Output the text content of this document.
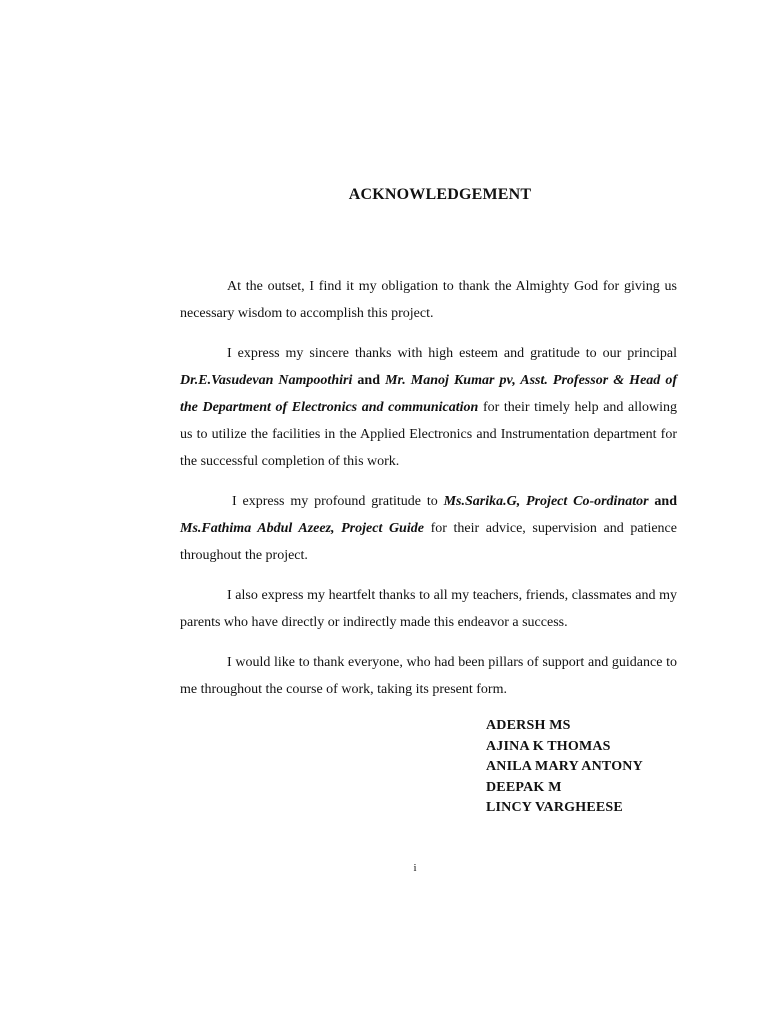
ACKNOWLEDGEMENT

At the outset, I find it my obligation to thank the Almighty God for giving us necessary wisdom to accomplish this project.

I express my sincere thanks with high esteem and gratitude to our principal Dr.E.Vasudevan Nampoothiri and Mr. Manoj Kumar pv, Asst. Professor & Head of the Department of Electronics and communication for their timely help and allowing us to utilize the facilities in the Applied Electronics and Instrumentation department for the successful completion of this work.

I express my profound gratitude to Ms.Sarika.G, Project Co-ordinator and Ms.Fathima Abdul Azeez, Project Guide for their advice, supervision and patience throughout the project.

I also express my heartfelt thanks to all my teachers, friends, classmates and my parents who have directly or indirectly made this endeavor a success.

I would like to thank everyone, who had been pillars of support and guidance to me throughout the course of work, taking its present form.

ADERSH MS
AJINA K THOMAS
ANILA MARY ANTONY
DEEPAK M
LINCY VARGHEESE
i
